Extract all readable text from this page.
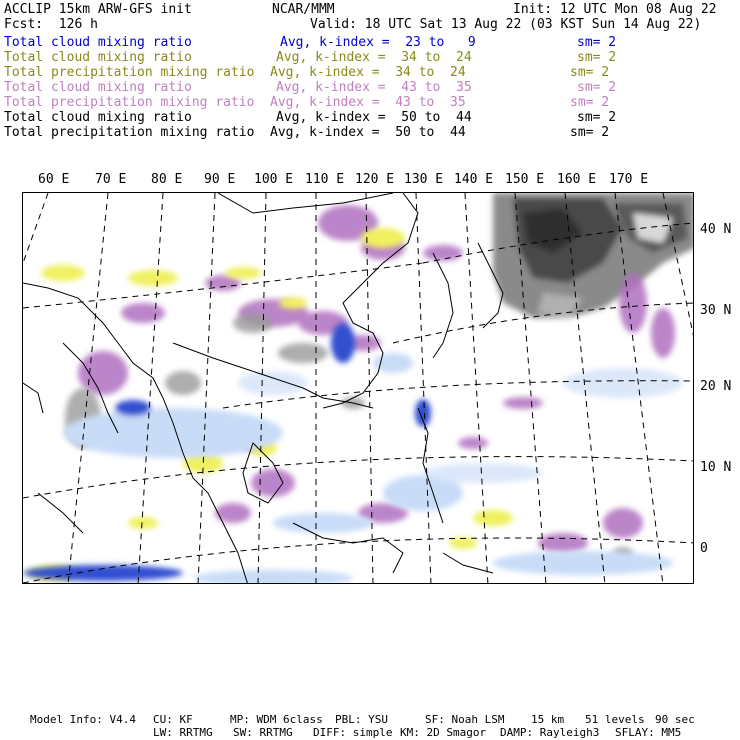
ACCLIP 15km ARW-GFS init	NCAR/MMM	Init: 12 UTC Mon 08 Aug 22
Fcst:  126 h	Valid: 18 UTC Sat 13 Aug 22 (03 KST Sun 14 Aug 22)
Total cloud mixing ratio	Avg, k-index =  23 to   9	sm= 2
Total cloud mixing ratio	Avg, k-index =  34 to  24	sm= 2
Total precipitation mixing ratio Avg, k-index =  34 to  24	sm= 2
Total cloud mixing ratio	Avg, k-index =  43 to  35	sm= 2
Total precipitation mixing ratio Avg, k-index =  43 to  35	sm= 2
Total cloud mixing ratio	Avg, k-index =  50 to  44	sm= 2
Total precipitation mixing ratio Avg, k-index =  50 to  44	sm= 2
60 E 70 E 80 E 90 E 100 E 110 E 120 E 130 E 140 E 150 E 160 E 170 E
40 N
30 N
20 N
10 N
0
Model Info: V4.4 CU: KF	MP: WDM 6class PBL: YSU	SF: Noah LSM 15 km 51 levels 90 sec
LW: RRTMG SW: RRTMG DIFF: simple KM: 2D Smagor DAMP: Rayleigh3 SFLAY: MM5
